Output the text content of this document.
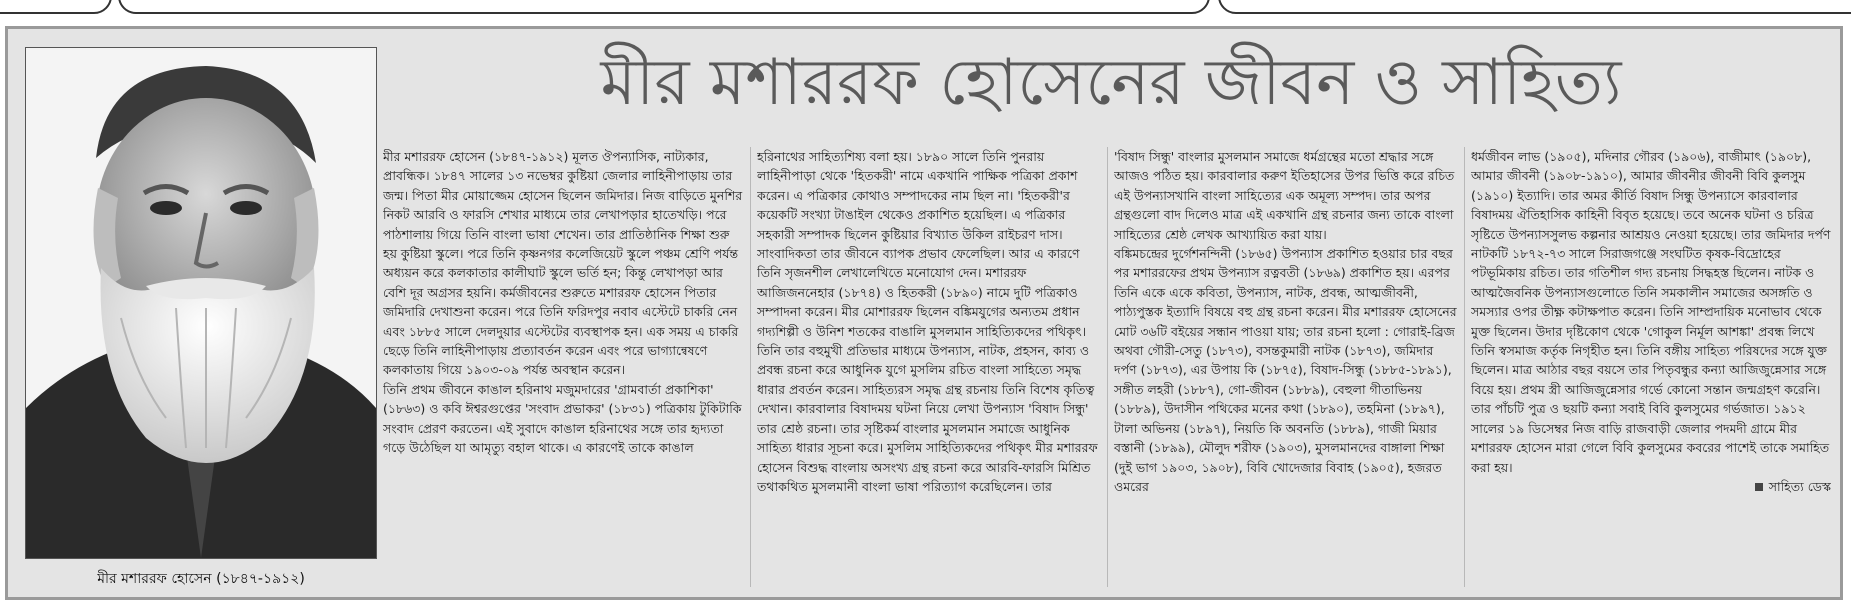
মীর মশাররফ হোসেন (১৮৪৭-১৯১২)
মীর মশাররফ হোসেনের জীবন ও সাহিত্য

মীর মশাররফ হোসেন (১৮৪৭-১৯১২) মূলত ঔপন্যাসিক, নাট্যকার, প্রাবন্ধিক। ১৮৪৭ সালের ১৩ নভেম্বর কুষ্টিয়া জেলার লাহিনীপাড়ায় তার জন্ম। পিতা মীর মোয়াজ্জেম হোসেন ছিলেন জমিদার। নিজ বাড়িতে মুনশির নিকট আরবি ও ফারসি শেখার মাধ্যমে তার লেখাপড়ার হাতেখড়ি। পরে পাঠশালায় গিয়ে তিনি বাংলা ভাষা শেখেন। তার প্রাতিষ্ঠানিক শিক্ষা শুরু হয় কুষ্টিয়া স্কুলে। পরে তিনি কৃষ্ণনগর কলেজিয়েট স্কুলে পঞ্চম শ্রেণি পর্যন্ত অধ্যয়ন করে কলকাতার কালীঘাট স্কুলে ভর্তি হন; কিন্তু লেখাপড়া আর বেশি দূর অগ্রসর হয়নি। কর্মজীবনের শুরুতে মশাররফ হোসেন পিতার জমিদারি দেখাশুনা করেন। পরে তিনি ফরিদপুর নবাব এস্টেটে চাকরি নেন এবং ১৮৮৫ সালে দেলদুয়ার এস্টেটের ব্যবস্থাপক হন। এক সময় এ চাকরি ছেড়ে তিনি লাহিনীপাড়ায় প্রত্যাবর্তন করেন এবং পরে ভাগ্যান্বেষণে কলকাতায় গিয়ে ১৯০৩-০৯ পর্যন্ত অবস্থান করেন।

তিনি প্রথম জীবনে কাঙাল হরিনাথ মজুমদারের 'গ্রামবার্তা প্রকাশিকা' (১৮৬৩) ও কবি ঈশ্বরগুপ্তের 'সংবাদ প্রভাকর' (১৮৩১) পত্রিকায় টুকিটাকি সংবাদ প্রেরণ করতেন। এই সুবাদে কাঙাল হরিনাথের সঙ্গে তার হৃদ্যতা গড়ে উঠেছিল যা আমৃত্যু বহাল থাকে। এ কারণেই তাকে কাঙাল

হরিনাথের সাহিত্যশিষ্য বলা হয়। ১৮৯০ সালে তিনি পুনরায় লাহিনীপাড়া থেকে 'হিতকরী' নামে একখানি পাক্ষিক পত্রিকা প্রকাশ করেন। এ পত্রিকার কোথাও সম্পাদকের নাম ছিল না। 'হিতকরী'র কয়েকটি সংখ্যা টাঙাইল থেকেও প্রকাশিত হয়েছিল। এ পত্রিকার সহকারী সম্পাদক ছিলেন কুষ্টিয়ার বিখ্যাত উকিল রাইচরণ দাস। সাংবাদিকতা তার জীবনে ব্যাপক প্রভাব ফেলেছিল। আর এ কারণে তিনি সৃজনশীল লেখালেখিতে মনোযোগ দেন। মশাররফ আজিজননেহার (১৮৭৪) ও হিতকরী (১৮৯০) নামে দুটি পত্রিকাও সম্পাদনা করেন। মীর মোশাররফ ছিলেন বঙ্কিমযুগের অন্যতম প্রধান গদ্যশিল্পী ও উনিশ শতকের বাঙালি মুসলমান সাহিত্যিকদের পথিকৃৎ। তিনি তার বহুমুখী প্রতিভার মাধ্যমে উপন্যাস, নাটক, প্রহসন, কাব্য ও প্রবন্ধ রচনা করে আধুনিক যুগে মুসলিম রচিত বাংলা সাহিত্যে সমৃদ্ধ ধারার প্রবর্তন করেন। সাহিত্যরস সমৃদ্ধ গ্রন্থ রচনায় তিনি বিশেষ কৃতিত্ব দেখান। কারবালার বিষাদময় ঘটনা নিয়ে লেখা উপন্যাস 'বিষাদ সিন্ধু' তার শ্রেষ্ঠ রচনা। তার সৃষ্টিকর্ম বাংলার মুসলমান সমাজে আধুনিক সাহিত্য ধারার সূচনা করে। মুসলিম সাহিত্যিকদের পথিকৃৎ মীর মশাররফ হোসেন বিশুদ্ধ বাংলায় অসংখ্য গ্রন্থ রচনা করে আরবি-ফারসি মিশ্রিত তথাকথিত মুসলমানী বাংলা ভাষা পরিত্যাগ করেছিলেন। তার

'বিষাদ সিন্ধু' বাংলার মুসলমান সমাজে ধর্মগ্রন্থের মতো শ্রদ্ধার সঙ্গে আজও পঠিত হয়। কারবালার করুণ ইতিহাসের উপর ভিত্তি করে রচিত এই উপন্যাসখানি বাংলা সাহিত্যের এক অমূল্য সম্পদ। তার অপর গ্রন্থগুলো বাদ দিলেও মাত্র এই একখানি গ্রন্থ রচনার জন্য তাকে বাংলা সাহিত্যের শ্রেষ্ঠ লেখক আখ্যায়িত করা যায়।

বঙ্কিমচন্দ্রের দুর্গেশনন্দিনী (১৮৬৫) উপন্যাস প্রকাশিত হওয়ার চার বছর পর মশাররফের প্রথম উপন্যাস রত্নবতী (১৮৬৯) প্রকাশিত হয়। এরপর তিনি একে একে কবিতা, উপন্যাস, নাটক, প্রবন্ধ, আত্মজীবনী, পাঠ্যপুস্তক ইত্যাদি বিষয়ে বহু গ্রন্থ রচনা করেন। মীর মশাররফ হোসেনের মোট ৩৬টি বইয়ের সন্ধান পাওয়া যায়; তার রচনা হলো : গোরাই-ব্রিজ অথবা গৌরী-সেতু (১৮৭৩), বসন্তকুমারী নাটক (১৮৭৩), জমিদার দর্পণ (১৮৭৩), এর উপায় কি (১৮৭৫), বিষাদ-সিন্ধু (১৮৮৫-১৮৯১), সঙ্গীত লহরী (১৮৮৭), গো-জীবন (১৮৮৯), বেহুলা গীতাভিনয় (১৮৮৯), উদাসীন পথিকের মনের কথা (১৮৯০), তহমিনা (১৮৯৭), টালা অভিনয় (১৮৯৭), নিয়তি কি অবনতি (১৮৮৯), গাজী মিয়ার বস্তানী (১৮৯৯), মৌলুদ শরীফ (১৯০৩), মুসলমানদের বাঙ্গালা শিক্ষা (দুই ভাগ ১৯০৩, ১৯০৮), বিবি খোদেজার বিবাহ (১৯০৫), হজরত ওমরের

ধর্মজীবন লাভ (১৯০৫), মদিনার গৌরব (১৯০৬), বাজীমাৎ (১৯০৮), আমার জীবনী (১৯০৮-১৯১০), আমার জীবনীর জীবনী বিবি কুলসুম (১৯১০) ইত্যাদি। তার অমর কীর্তি বিষাদ সিন্ধু উপন্যাসে কারবালার বিষাদময় ঐতিহাসিক কাহিনী বিবৃত হয়েছে। তবে অনেক ঘটনা ও চরিত্র সৃষ্টিতে উপন্যাসসুলভ কল্পনার আশ্রয়ও নেওয়া হয়েছে। তার জমিদার দর্পণ নাটকটি ১৮৭২-৭৩ সালে সিরাজগঞ্জে সংঘটিত কৃষক-বিদ্রোহের পটভূমিকায় রচিত। তার গতিশীল গদ্য রচনায় সিদ্ধহস্ত ছিলেন। নাটক ও আত্মজৈবনিক উপন্যাসগুলোতে তিনি সমকালীন সমাজের অসঙ্গতি ও সমস্যার ওপর তীক্ষ্ণ কটাক্ষপাত করেন। তিনি সাম্প্রদায়িক মনোভাব থেকে মুক্ত ছিলেন। উদার দৃষ্টিকোণ থেকে 'গোকুল নির্মূল আশঙ্কা' প্রবন্ধ লিখে তিনি স্বসমাজ কর্তৃক নিগৃহীত হন। তিনি বঙ্গীয় সাহিত্য পরিষদের সঙ্গে যুক্ত ছিলেন। মাত্র আঠার বছর বয়সে তার পিতৃবন্ধুর কন্যা আজিজুন্নেসার সঙ্গে বিয়ে হয়। প্রথম স্ত্রী আজিজুন্নেসার গর্ভে কোনো সন্তান জন্মগ্রহণ করেনি। তার পাঁচটি পুত্র ও ছয়টি কন্যা সবাই বিবি কুলসুমের গর্ভজাত। ১৯১২ সালের ১৯ ডিসেম্বর নিজ বাড়ি রাজবাড়ী জেলার পদমদী গ্রামে মীর মশাররফ হোসেন মারা গেলে বিবি কুলসুমের কবরের পাশেই তাকে সমাহিত করা হয়।

সাহিত্য ডেস্ক
